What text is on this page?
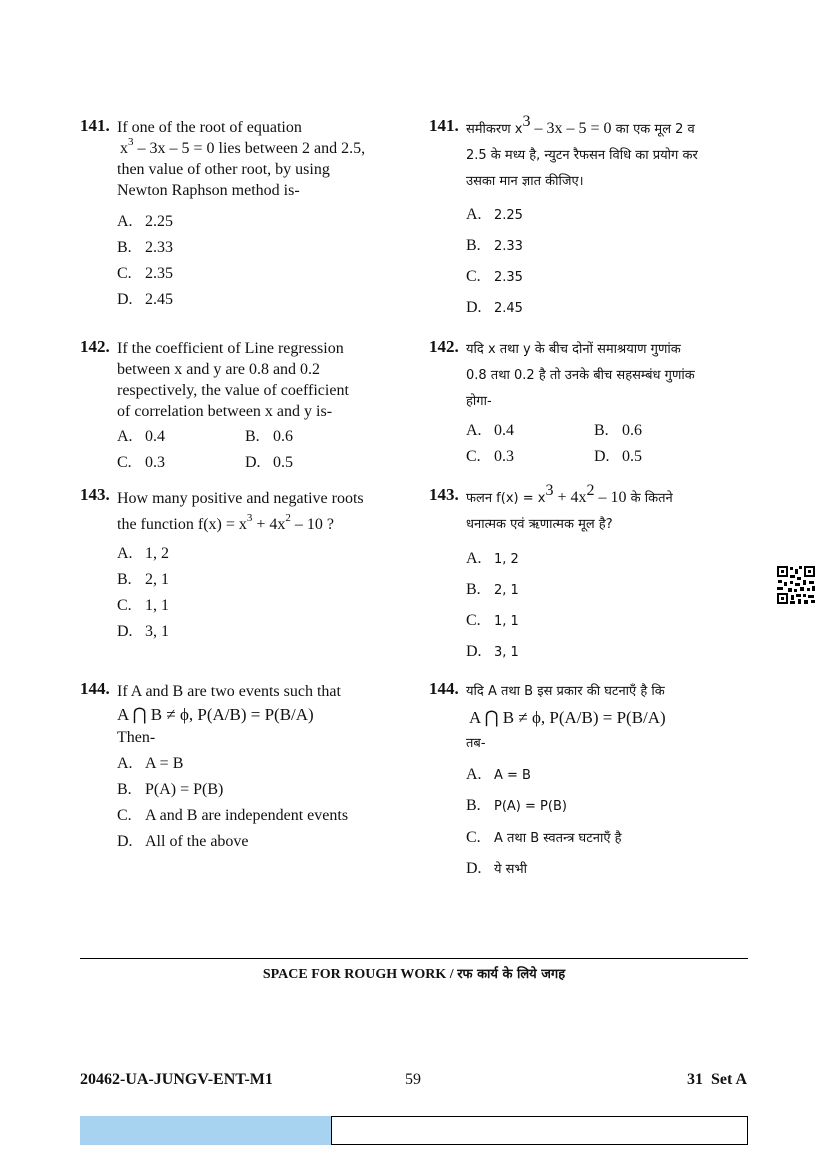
141. If one of the root of equation
$x^3 - 3x - 5 = 0$ lies between 2 and 2.5,
then value of other root, by using
Newton Raphson method is-
A. 2.25
B. 2.33
C. 2.35
D. 2.45
142. If the coefficient of Line regression
between x and y are 0.8 and 0.2
respectively, the value of coefficient
of correlation between x and y is-
A. 0.4	B. 0.6
C. 0.3	D. 0.5
143. How many positive and negative roots
the function $f(x) = x^3 + 4x^2 - 10$ ?
A. 1, 2
B. 2, 1
C. 1, 1
D. 3, 1
144. If A and B are two events such that
A ⋂ B ≠ ϕ, P(A/B) = P(B/A)
Then-
A. A = B
B. P(A) = P(B)
C. A and B are independent events
D. All of the above
141. समीकरण $x^3 - 3x - 5 = 0$ का एक मूल 2 व
2.5 के मध्य है, न्युटन रैफसन विधि का प्रयोग कर
उसका मान ज्ञात कीजिए।
A. 2.25
B. 2.33
C. 2.35
D. 2.45
142. यदि x तथा y के बीच दोनों समाश्रयाण गुणांक
0.8 तथा 0.2 है तो उनके बीच सहसम्बंध गुणांक
होगा-
A. 0.4	B. 0.6
C. 0.3	D. 0.5
143. फलन $f(x) = x^3 + 4x^2 - 10$ के कितने
धनात्मक एवं ऋणात्मक मूल है?
A. 1, 2
B. 2, 1
C. 1, 1
D. 3, 1
144. यदि A तथा B इस प्रकार की घटनाएँ है कि
A ⋂ B ≠ ϕ, P(A/B) = P(B/A)
तब-
A. A = B
B. P(A) = P(B)
C. A तथा B स्वतन्त्र घटनाएँ है
D. ये सभी
SPACE FOR ROUGH WORK / रफ कार्य के लिये जगह
20462-UA-JUNGV-ENT-M1	59	31  Set A
